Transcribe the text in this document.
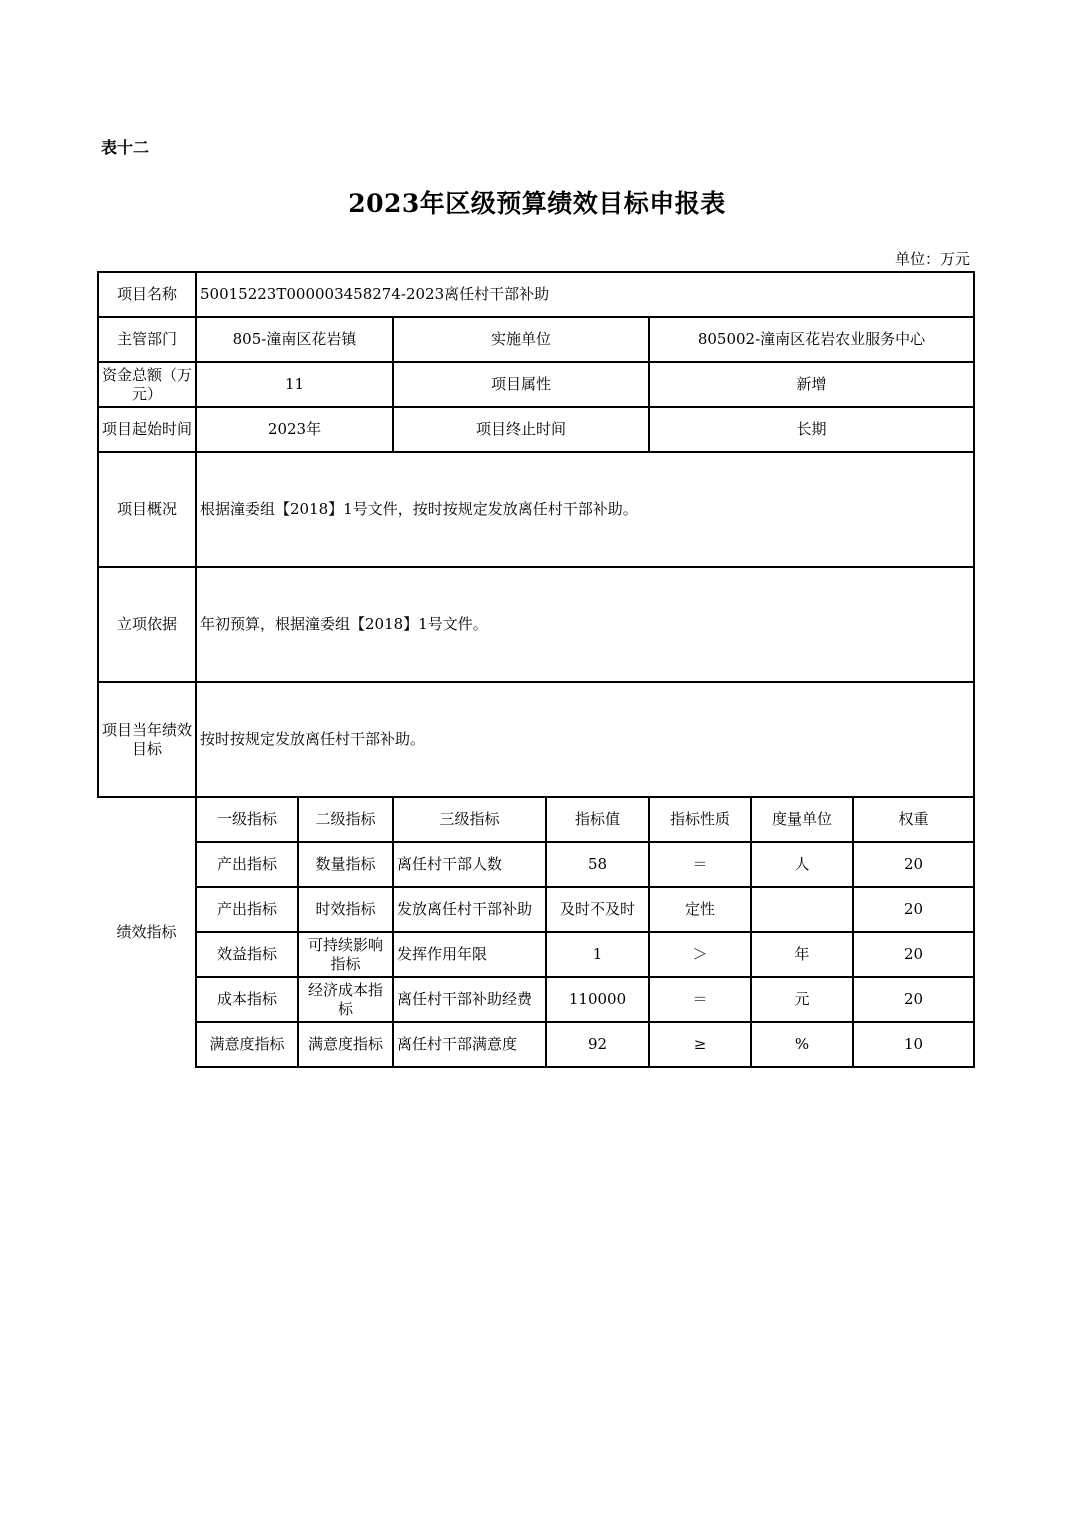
表十二
2023年区级预算绩效目标申报表
单位：万元
项目名称	50015223T000003458274-2023离任村干部补助						
主管部门	805-潼南区花岩镇		实施单位		805002-潼南区花岩农业服务中心		
资金总额（万元）	11		项目属性		新增		
项目起始时间	2023年		项目终止时间		长期		
项目概况	根据潼委组【2018】1号文件，按时按规定发放离任村干部补助。						
立项依据	年初预算，根据潼委组【2018】1号文件。						
项目当年绩效目标	按时按规定发放离任村干部补助。						
绩效指标	一级指标	二级指标	三级指标	指标值	指标性质	度量单位	权重
	产出指标	数量指标	离任村干部人数	58	＝	人	20
	产出指标	时效指标	发放离任村干部补助	及时不及时	定性		20
	效益指标	可持续影响指标	发挥作用年限	1	＞	年	20
	成本指标	经济成本指标	离任村干部补助经费	110000	＝	元	20
	满意度指标	满意度指标	离任村干部满意度	92	≥	%	10
